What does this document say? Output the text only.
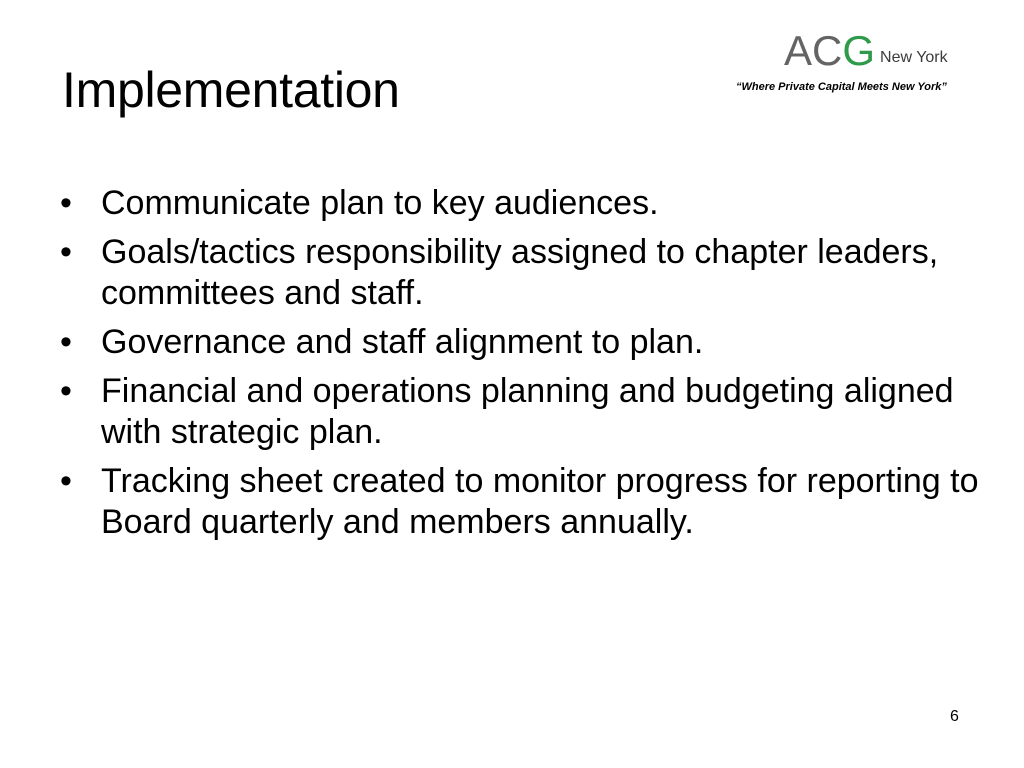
Implementation
ACG New York
“Where Private Capital Meets New York”
• Communicate plan to key audiences.
• Goals/tactics responsibility assigned to chapter leaders, committees and staff.
• Governance and staff alignment to plan.
• Financial and operations planning and budgeting aligned with strategic plan.
• Tracking sheet created to monitor progress for reporting to Board quarterly and members annually.
6
